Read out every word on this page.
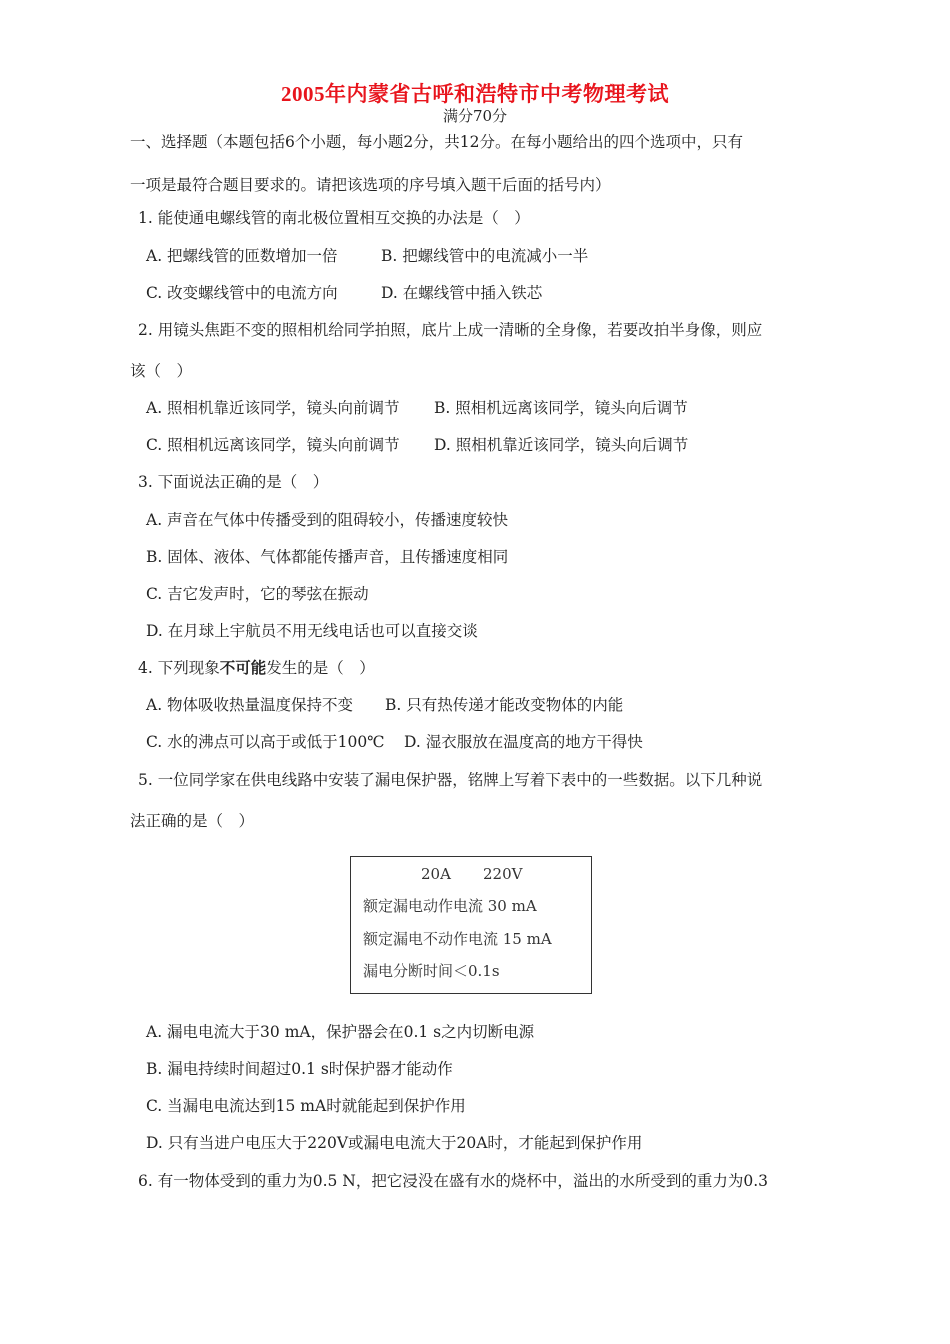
2005年内蒙省古呼和浩特市中考物理考试
满分70分
一、选择题（本题包括6个小题，每小题2分，共12分。在每小题给出的四个选项中，只有
一项是最符合题目要求的。请把该选项的序号填入题干后面的括号内）
1. 能使通电螺线管的南北极位置相互交换的办法是（　）
A. 把螺线管的匝数增加一倍	B. 把螺线管中的电流减小一半
C. 改变螺线管中的电流方向	D. 在螺线管中插入铁芯
2. 用镜头焦距不变的照相机给同学拍照，底片上成一清晰的全身像，若要改拍半身像，则应
该（　）
A. 照相机靠近该同学，镜头向前调节 B. 照相机远离该同学，镜头向后调节
C. 照相机远离该同学，镜头向前调节 D. 照相机靠近该同学，镜头向后调节
3. 下面说法正确的是（　）
A. 声音在气体中传播受到的阻碍较小，传播速度较快
B. 固体、液体、气体都能传播声音，且传播速度相同
C. 吉它发声时，它的琴弦在振动
D. 在月球上宇航员不用无线电话也可以直接交谈
4. 下列现象不可能发生的是（　）
A. 物体吸收热量温度保持不变 B. 只有热传递才能改变物体的内能
C. 水的沸点可以高于或低于100℃ D. 湿衣服放在温度高的地方干得快
5. 一位同学家在供电线路中安装了漏电保护器，铭牌上写着下表中的一些数据。以下几种说
法正确的是（　）
20A 220V
额定漏电动作电流 30 mA
额定漏电不动作电流 15 mA
漏电分断时间＜0.1s
A. 漏电电流大于30 mA，保护器会在0.1 s之内切断电源
B. 漏电持续时间超过0.1 s时保护器才能动作
C. 当漏电电流达到15 mA时就能起到保护作用
D. 只有当进户电压大于220V或漏电电流大于20A时，才能起到保护作用
6. 有一物体受到的重力为0.5 N，把它浸没在盛有水的烧杯中，溢出的水所受到的重力为0.3
